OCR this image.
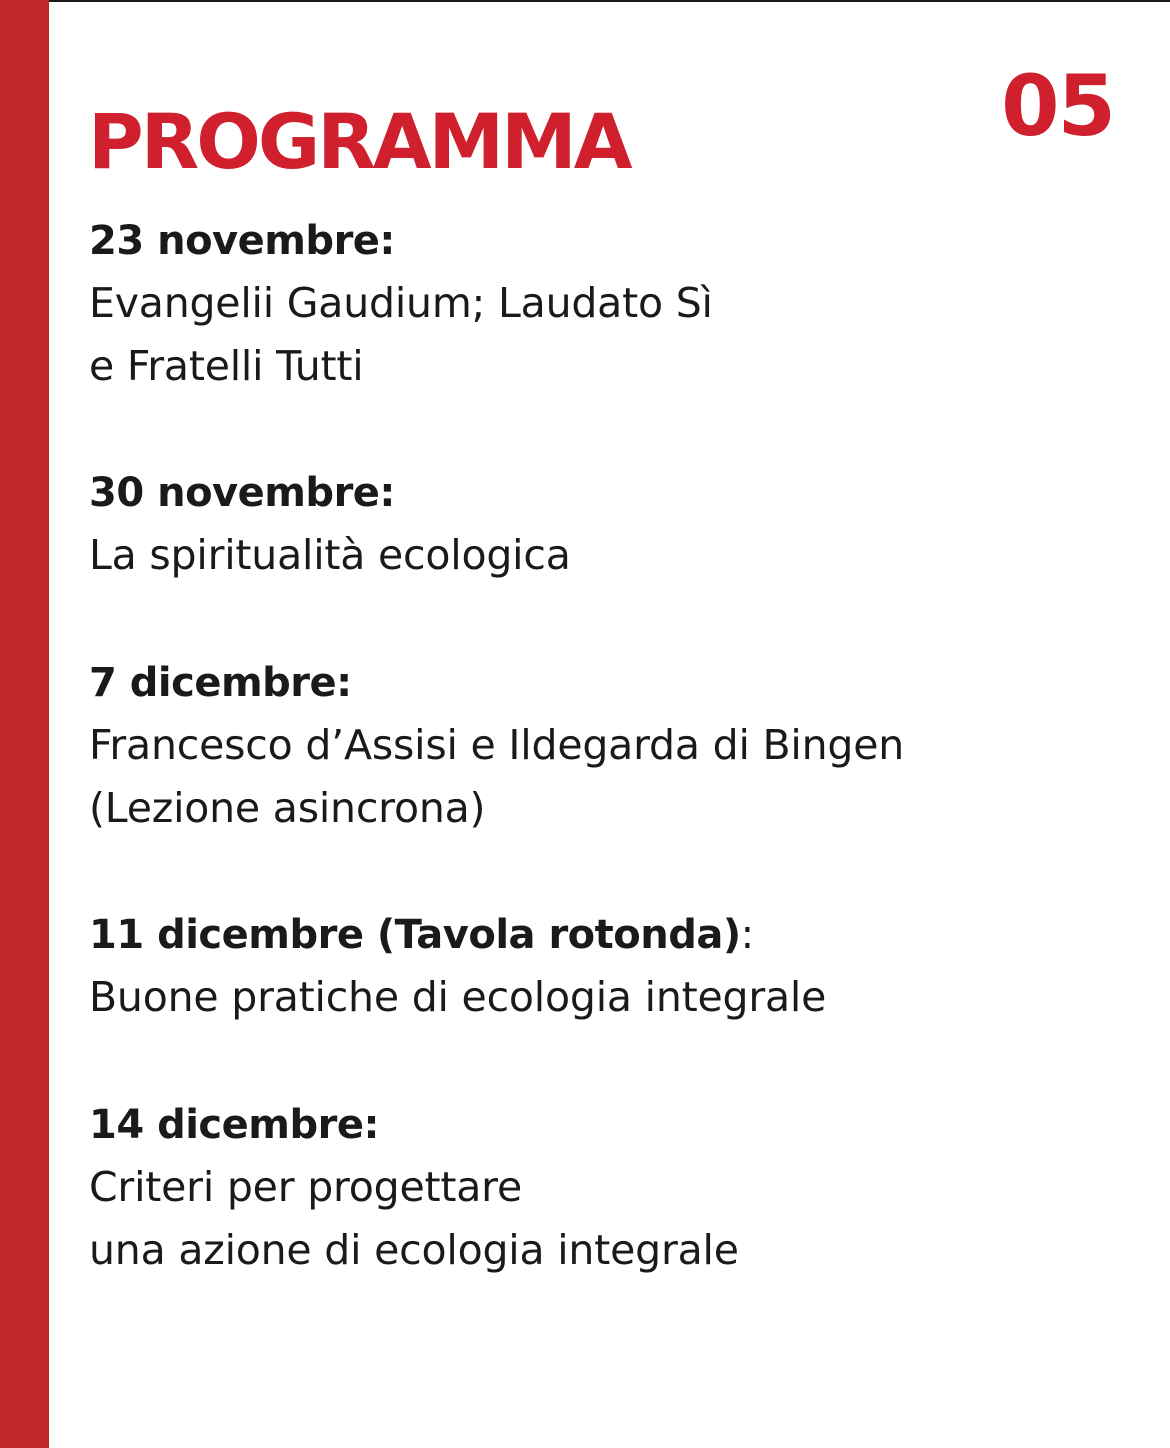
PROGRAMMA	05
23 novembre:
Evangelii Gaudium; Laudato Sì
e Fratelli Tutti
30 novembre:
La spiritualità ecologica
7 dicembre:
Francesco d’Assisi e Ildegarda di Bingen
(Lezione asincrona)
11 dicembre (Tavola rotonda):
Buone pratiche di ecologia integrale
14 dicembre:
Criteri per progettare
una azione di ecologia integrale
